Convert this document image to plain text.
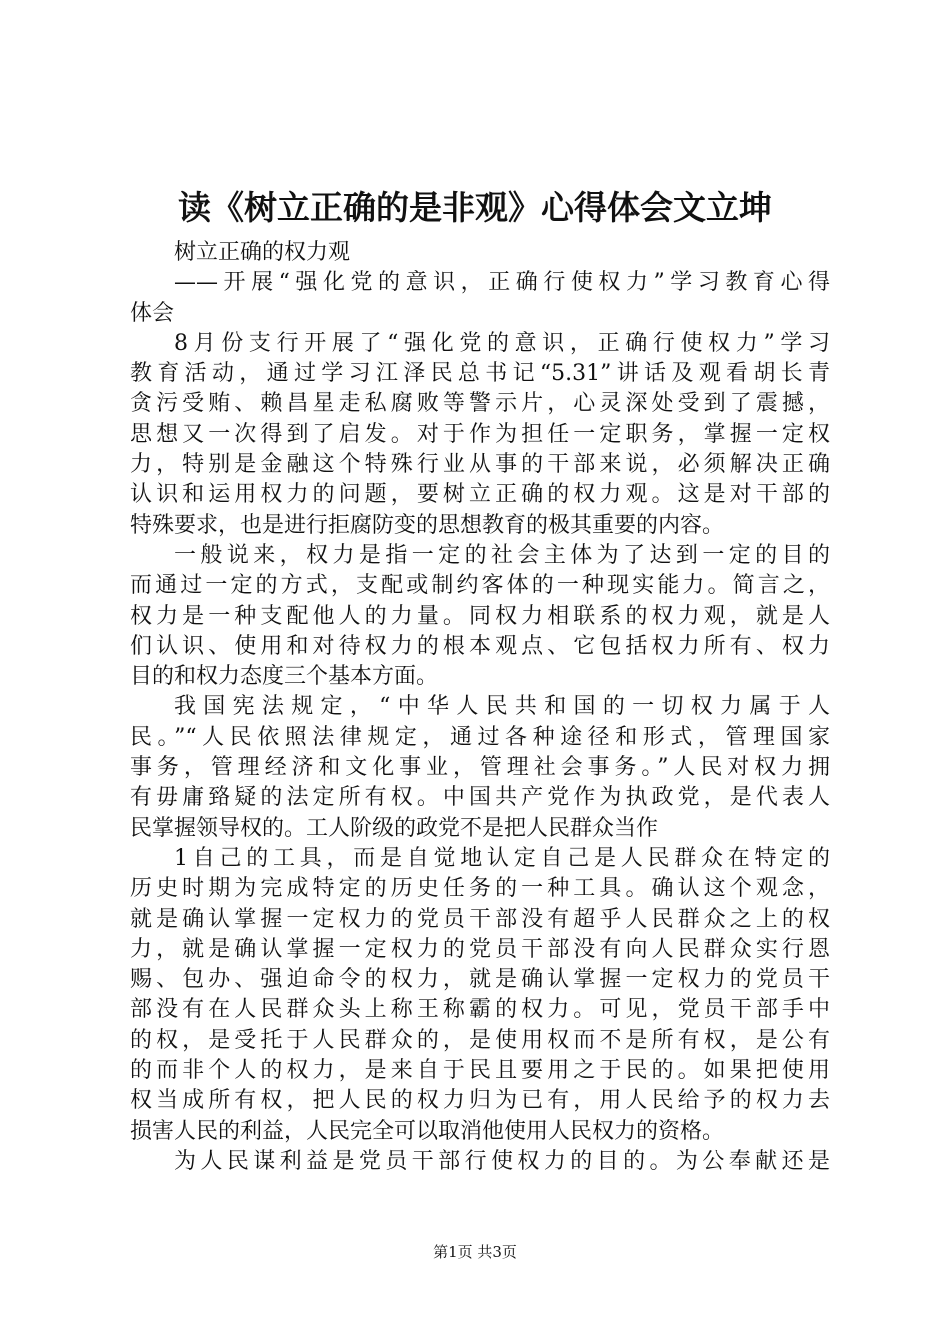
读《树立正确的是非观》心得体会文立坤
树立正确的权力观
——开展“强化党的意识，正确行使权力”学习教育心得
体会
8月份支行开展了“强化党的意识，正确行使权力”学习
教育活动，通过学习江泽民总书记“5.31”讲话及观看胡长青
贪污受贿、赖昌星走私腐败等警示片，心灵深处受到了震撼，
思想又一次得到了启发。对于作为担任一定职务，掌握一定权
力，特别是金融这个特殊行业从事的干部来说，必须解决正确
认识和运用权力的问题，要树立正确的权力观。这是对干部的
特殊要求，也是进行拒腐防变的思想教育的极其重要的内容。
一般说来，权力是指一定的社会主体为了达到一定的目的
而通过一定的方式，支配或制约客体的一种现实能力。简言之，
权力是一种支配他人的力量。同权力相联系的权力观，就是人
们认识、使用和对待权力的根本观点、它包括权力所有、权力
目的和权力态度三个基本方面。
我国宪法规定，“中华人民共和国的一切权力属于人
民。”“人民依照法律规定，通过各种途径和形式，管理国家
事务，管理经济和文化事业，管理社会事务。”人民对权力拥
有毋庸臵疑的法定所有权。中国共产党作为执政党，是代表人
民掌握领导权的。工人阶级的政党不是把人民群众当作
1自己的工具，而是自觉地认定自己是人民群众在特定的
历史时期为完成特定的历史任务的一种工具。确认这个观念，
就是确认掌握一定权力的党员干部没有超乎人民群众之上的权
力，就是确认掌握一定权力的党员干部没有向人民群众实行恩
赐、包办、强迫命令的权力，就是确认掌握一定权力的党员干
部没有在人民群众头上称王称霸的权力。可见，党员干部手中
的权，是受托于人民群众的，是使用权而不是所有权，是公有
的而非个人的权力，是来自于民且要用之于民的。如果把使用
权当成所有权，把人民的权力归为已有，用人民给予的权力去
损害人民的利益，人民完全可以取消他使用人民权力的资格。
为人民谋利益是党员干部行使权力的目的。为公奉献还是
第1页 共3页
